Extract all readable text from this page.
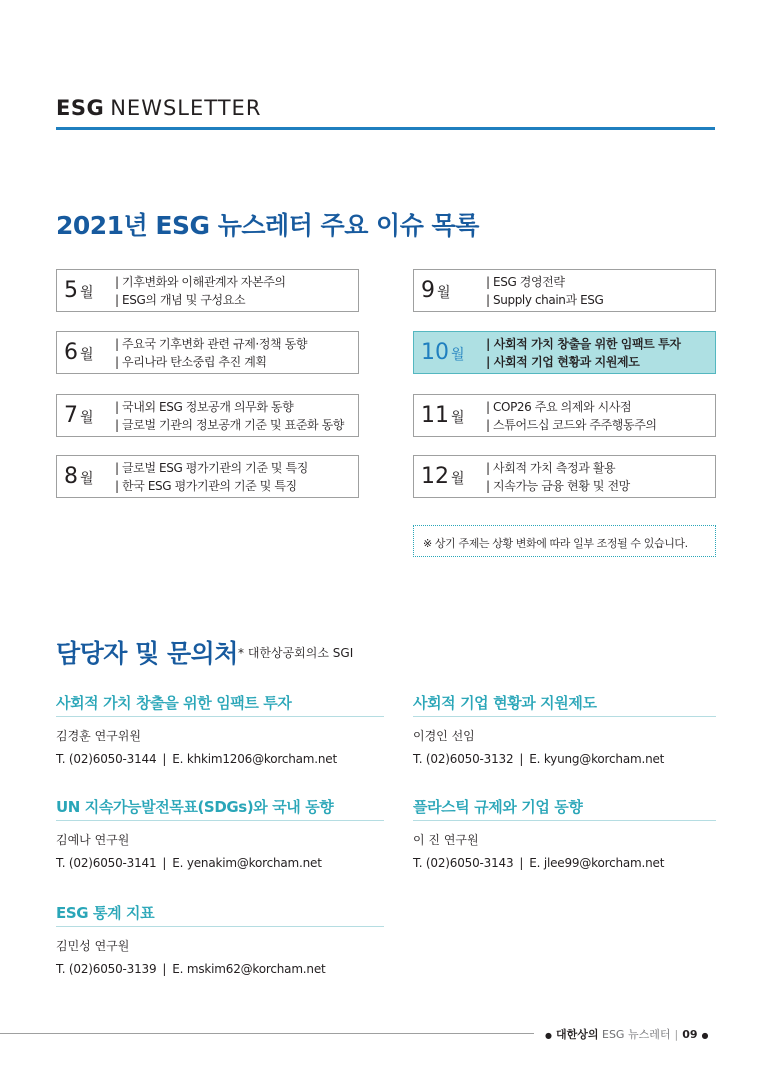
ESG NEWSLETTER
2021년 ESG 뉴스레터 주요 이슈 목록
5 월
| 기후변화와 이해관계자 자본주의
| ESG의 개념 및 구성요소
6 월
| 주요국 기후변화 관련 규제·정책 동향
| 우리나라 탄소중립 추진 계획
7 월
| 국내외 ESG 정보공개 의무화 동향
| 글로벌 기관의 정보공개 기준 및 표준화 동향
8 월
| 글로벌 ESG 평가기관의 기준 및 특징
| 한국 ESG 평가기관의 기준 및 특징
9 월
| ESG 경영전략
| Supply chain과 ESG
10 월
| 사회적 가치 창출을 위한 임팩트 투자
| 사회적 기업 현황과 지원제도
11 월
| COP26 주요 의제와 시사점
| 스튜어드십 코드와 주주행동주의
12 월
| 사회적 가치 측정과 활용
| 지속가능 금융 현황 및 전망
※ 상기 주제는 상황 변화에 따라 일부 조정될 수 있습니다.
담당자 및 문의처 * 대한상공회의소 SGI
사회적 가치 창출을 위한 임팩트 투자
김경훈 연구위원
T. (02)6050-3144 | E. khkim1206@korcham.net
사회적 기업 현황과 지원제도
이경인 선임
T. (02)6050-3132 | E. kyung@korcham.net
UN 지속가능발전목표(SDGs)와 국내 동향
김예나 연구원
T. (02)6050-3141 | E. yenakim@korcham.net
플라스틱 규제와 기업 동향
이 진 연구원
T. (02)6050-3143 | E. jlee99@korcham.net
ESG 통계 지표
김민성 연구원
T. (02)6050-3139 | E. mskim62@korcham.net
● 대한상의 ESG 뉴스레터 | 09 ●
